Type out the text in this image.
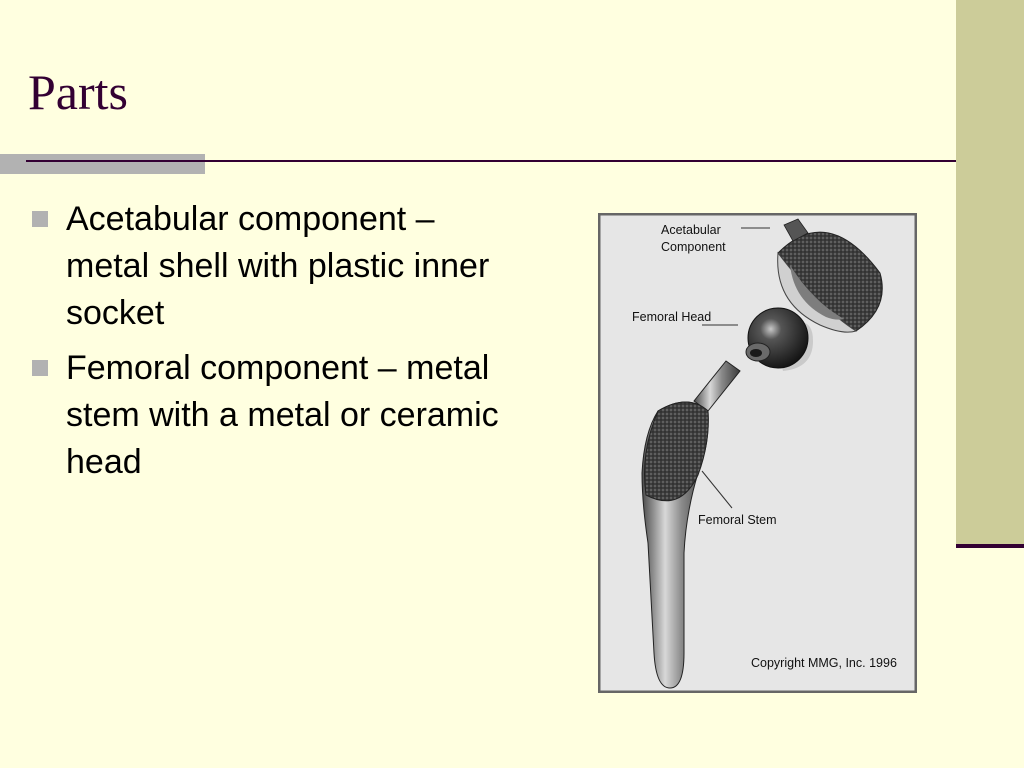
Parts
Acetabular component – metal shell with plastic inner socket
Femoral component – metal stem with a metal or ceramic head
Acetabular
Component
Femoral Head
Femoral Stem
Copyright MMG, Inc. 1996
